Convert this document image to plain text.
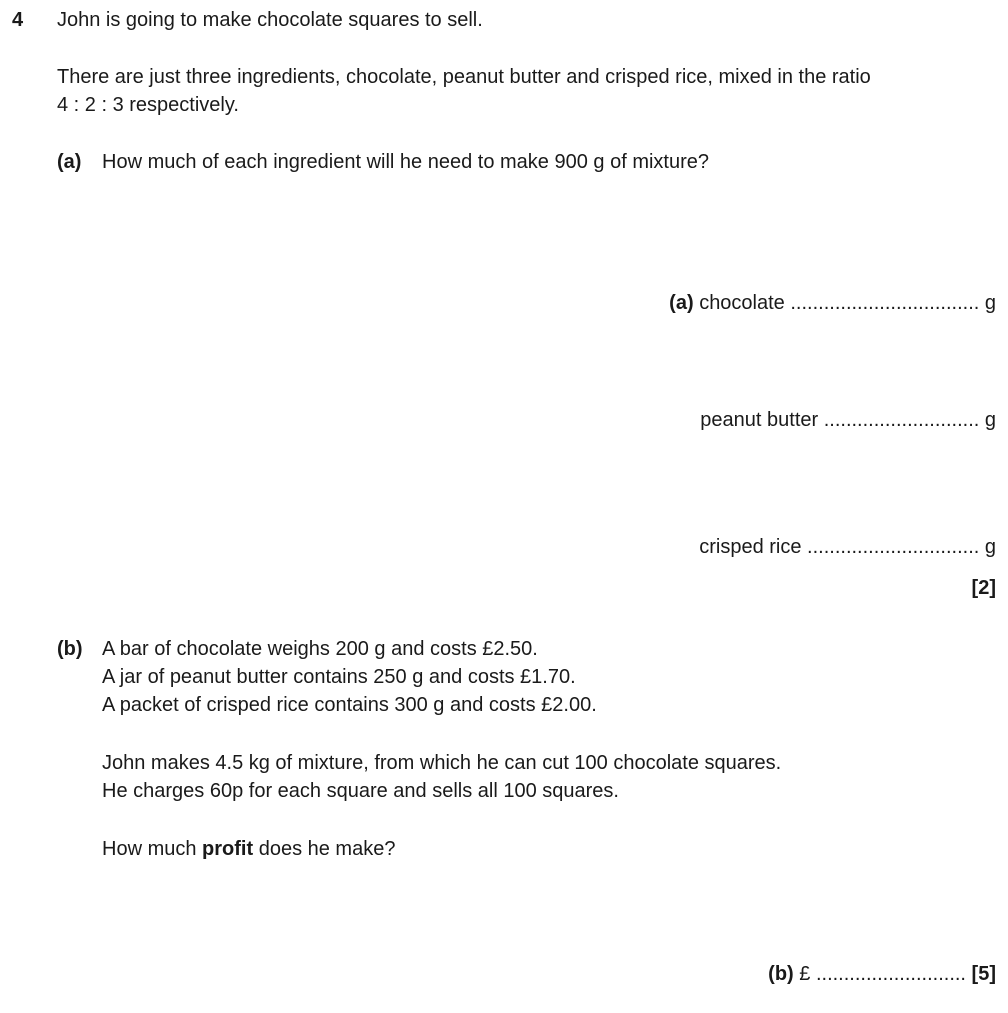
4 John is going to make chocolate squares to sell.
There are just three ingredients, chocolate, peanut butter and crisped rice, mixed in the ratio
4 : 2 : 3 respectively.
(a) How much of each ingredient will he need to make 900 g of mixture?
(a) chocolate .................................. g
peanut butter ............................ g
crisped rice ............................... g
[2]
(b) A bar of chocolate weighs 200 g and costs £2.50.
A jar of peanut butter contains 250 g and costs £1.70.
A packet of crisped rice contains 300 g and costs £2.00.
John makes 4.5 kg of mixture, from which he can cut 100 chocolate squares.
He charges 60p for each square and sells all 100 squares.
How much profit does he make?
(b) £ ........................... [5]
